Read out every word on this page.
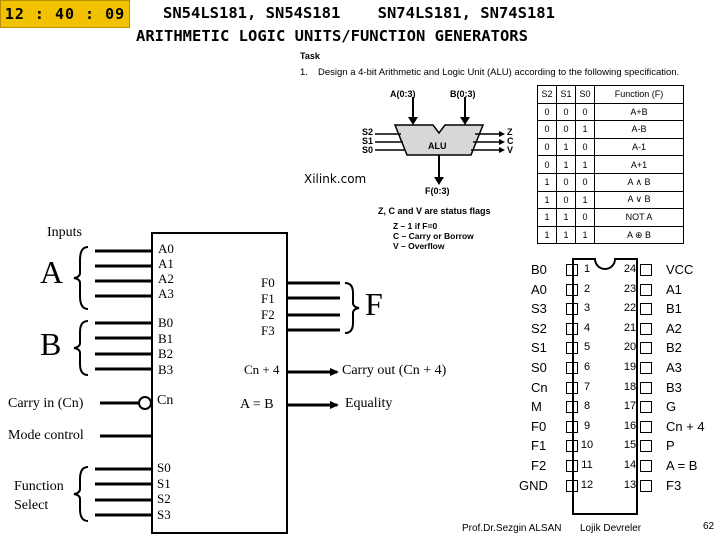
12 : 40 : 09	SN54LS181, SN54S181    SN74LS181, SN74S181
ARITHMETIC LOGIC UNITS/FUNCTION GENERATORS
Task
1. Design a 4-bit Arithmetic and Logic Unit (ALU) according to the following specification.
A(0:3)	B(0:3)
ALU
S2
S1
S0
Z
C
V
F(0:3)
Xilink.com
Z, C and V are status flags
Z – 1 if F=0
C – Carry or Borrow
V – Overflow
S2	S1	S0	Function (F)
0	0	0	A+B
0	0	1	A-B
0	1	0	A-1
0	1	1	A+1
1	0	0	A ∧ B
1	0	1	A ∨ B
1	1	0	NOT A
1	1	1	A ⊕ B
Inputs
A
B
F
A0
A1
A2
A3
B0
B1
B2
B3
F0
F1
F2
F3
S0
S1
S2
S3
Cn
Cn + 4
A = B
Carry in (Cn)
Mode control
Function
Select
Carry out (Cn + 4)
Equality
B0	1
A0	2
S3	3
S2	4
S1	5
S0	6
Cn	7
M	8
F0	9
F1	10
F2	11
GND	12
24	VCC
23	A1
22	B1
21	A2
20	B2
19	A3
18	B3
17	G
16	Cn + 4
15	P
14	A = B
13	F3
Prof.Dr.Sezgin ALSAN Lojik Devreler	62
